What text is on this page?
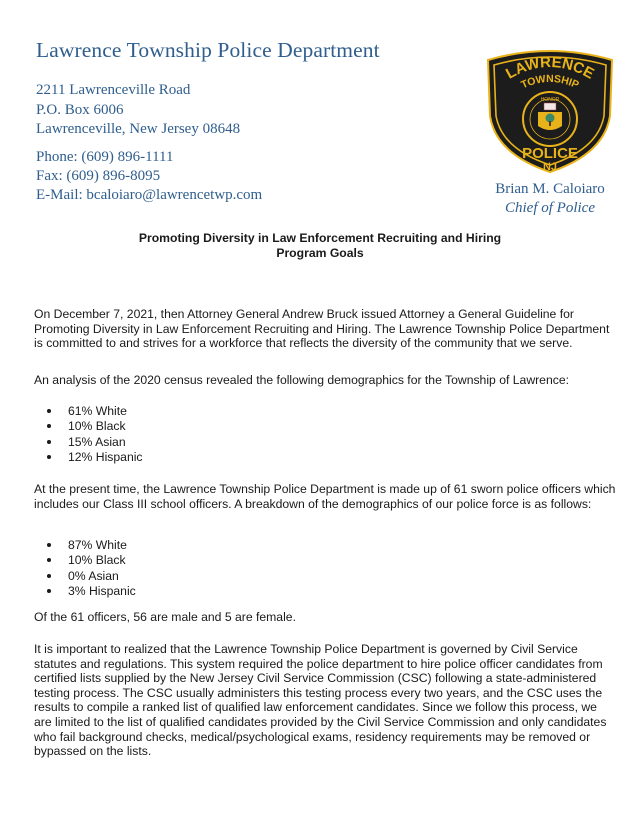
Lawrence Township Police Department
2211 Lawrenceville Road
P.O. Box 6006
Lawrenceville, New Jersey 08648
Phone: (609) 896-1111
Fax: (609) 896-8095
E-Mail: bcaloiaro@lawrencetwp.com
LAWRENCE
TOWNSHIP
HONOR
POLICE
NJ
Brian M. Caloiaro
Chief of Police
Promoting Diversity in Law Enforcement Recruiting and Hiring
Program Goals

On December 7, 2021, then Attorney General Andrew Bruck issued Attorney a General Guideline for Promoting Diversity in Law Enforcement Recruiting and Hiring. The Lawrence Township Police Department is committed to and strives for a workforce that reflects the diversity of the community that we serve.

An analysis of the 2020 census revealed the following demographics for the Township of Lawrence:

61% White
10% Black
15% Asian
12% Hispanic

At the present time, the Lawrence Township Police Department is made up of 61 sworn police officers which includes our Class III school officers. A breakdown of the demographics of our police force is as follows:

87% White
10% Black
0% Asian
3% Hispanic

Of the 61 officers, 56 are male and 5 are female.

It is important to realized that the Lawrence Township Police Department is governed by Civil Service statutes and regulations. This system required the police department to hire police officer candidates from certified lists supplied by the New Jersey Civil Service Commission (CSC) following a state-administered testing process. The CSC usually administers this testing process every two years, and the CSC uses the results to compile a ranked list of qualified law enforcement candidates. Since we follow this process, we are limited to the list of qualified candidates provided by the Civil Service Commission and only candidates who fail background checks, medical/psychological exams, residency requirements may be removed or bypassed on the lists.
